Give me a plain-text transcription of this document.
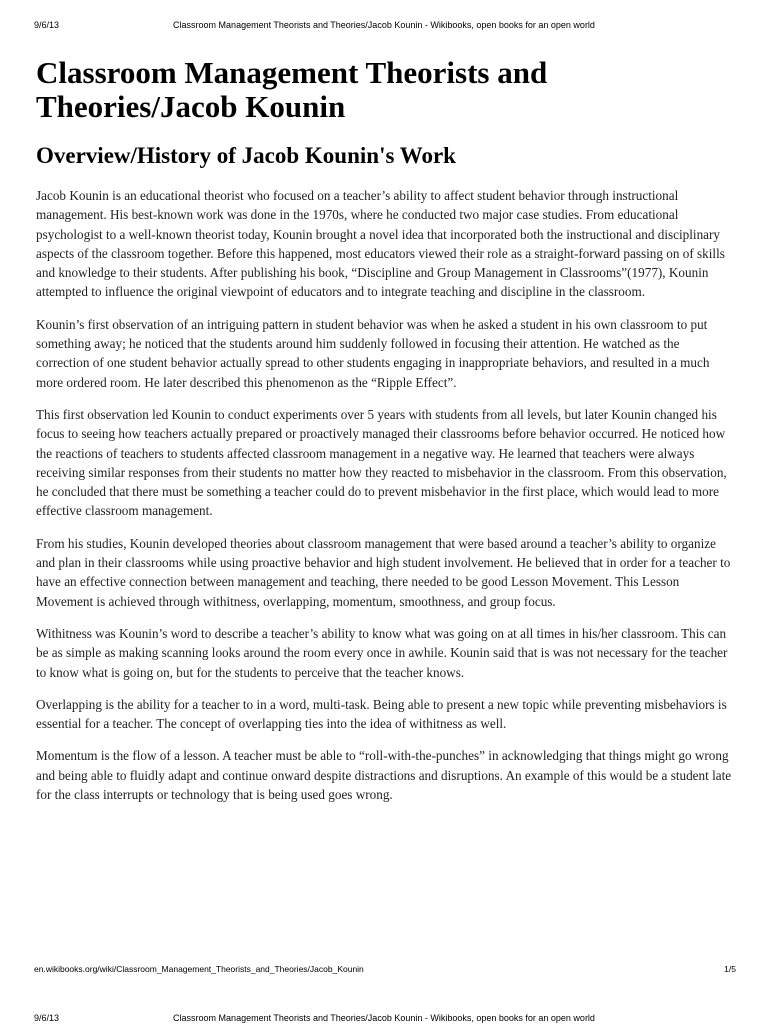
9/6/13	Classroom Management Theorists and Theories/Jacob Kounin - Wikibooks, open books for an open world
Classroom Management Theorists and Theories/Jacob Kounin
Overview/History of Jacob Kounin's Work

Jacob Kounin is an educational theorist who focused on a teacher’s ability to affect student behavior through instructional management. His best-known work was done in the 1970s, where he conducted two major case studies. From educational psychologist to a well-known theorist today, Kounin brought a novel idea that incorporated both the instructional and disciplinary aspects of the classroom together. Before this happened, most educators viewed their role as a straight-forward passing on of skills and knowledge to their students. After publishing his book, “Discipline and Group Management in Classrooms”(1977), Kounin attempted to influence the original viewpoint of educators and to integrate teaching and discipline in the classroom.

Kounin’s first observation of an intriguing pattern in student behavior was when he asked a student in his own classroom to put something away; he noticed that the students around him suddenly followed in focusing their attention. He watched as the correction of one student behavior actually spread to other students engaging in inappropriate behaviors, and resulted in a much more ordered room. He later described this phenomenon as the “Ripple Effect”.

This first observation led Kounin to conduct experiments over 5 years with students from all levels, but later Kounin changed his focus to seeing how teachers actually prepared or proactively managed their classrooms before behavior occurred. He noticed how the reactions of teachers to students affected classroom management in a negative way. He learned that teachers were always receiving similar responses from their students no matter how they reacted to misbehavior in the classroom. From this observation, he concluded that there must be something a teacher could do to prevent misbehavior in the first place, which would lead to more effective classroom management.

From his studies, Kounin developed theories about classroom management that were based around a teacher’s ability to organize and plan in their classrooms while using proactive behavior and high student involvement. He believed that in order for a teacher to have an effective connection between management and teaching, there needed to be good Lesson Movement. This Lesson Movement is achieved through withitness, overlapping, momentum, smoothness, and group focus.

Withitness was Kounin’s word to describe a teacher’s ability to know what was going on at all times in his/her classroom. This can be as simple as making scanning looks around the room every once in awhile. Kounin said that is was not necessary for the teacher to know what is going on, but for the students to perceive that the teacher knows.

Overlapping is the ability for a teacher to in a word, multi-task. Being able to present a new topic while preventing misbehaviors is essential for a teacher. The concept of overlapping ties into the idea of withitness as well.

Momentum is the flow of a lesson. A teacher must be able to “roll-with-the-punches” in acknowledging that things might go wrong and being able to fluidly adapt and continue onward despite distractions and disruptions. An example of this would be a student late for the class interrupts or technology that is being used goes wrong.

en.wikibooks.org/wiki/Classroom_Management_Theorists_and_Theories/Jacob_Kounin	1/5
9/6/13	Classroom Management Theorists and Theories/Jacob Kounin - Wikibooks, open books for an open world
